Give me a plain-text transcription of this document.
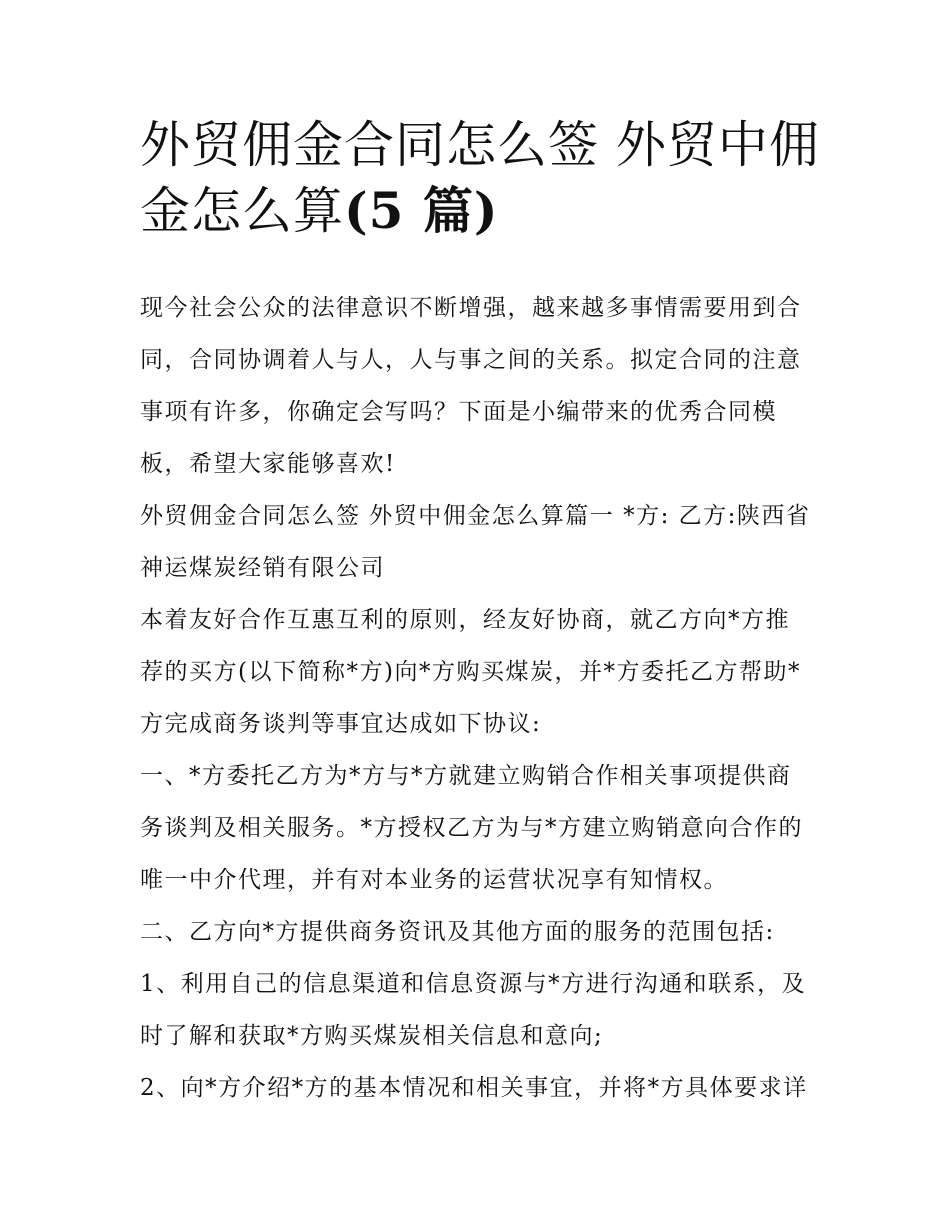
外贸佣金合同怎么签 外贸中佣
金怎么算(5 篇)
现今社会公众的法律意识不断增强，越来越多事情需要用到合
同，合同协调着人与人，人与事之间的关系。拟定合同的注意
事项有许多，你确定会写吗？下面是小编带来的优秀合同模
板，希望大家能够喜欢!
外贸佣金合同怎么签 外贸中佣金怎么算篇一 *方: 乙方:陕西省
神运煤炭经销有限公司
本着友好合作互惠互利的原则，经友好协商，就乙方向*方推
荐的买方(以下简称*方)向*方购买煤炭，并*方委托乙方帮助*
方完成商务谈判等事宜达成如下协议:
一、*方委托乙方为*方与*方就建立购销合作相关事项提供商
务谈判及相关服务。*方授权乙方为与*方建立购销意向合作的
唯一中介代理，并有对本业务的运营状况享有知情权。
二、乙方向*方提供商务资讯及其他方面的服务的范围包括:
1、利用自己的信息渠道和信息资源与*方进行沟通和联系，及
时了解和获取*方购买煤炭相关信息和意向;
2、向*方介绍*方的基本情况和相关事宜，并将*方具体要求详
